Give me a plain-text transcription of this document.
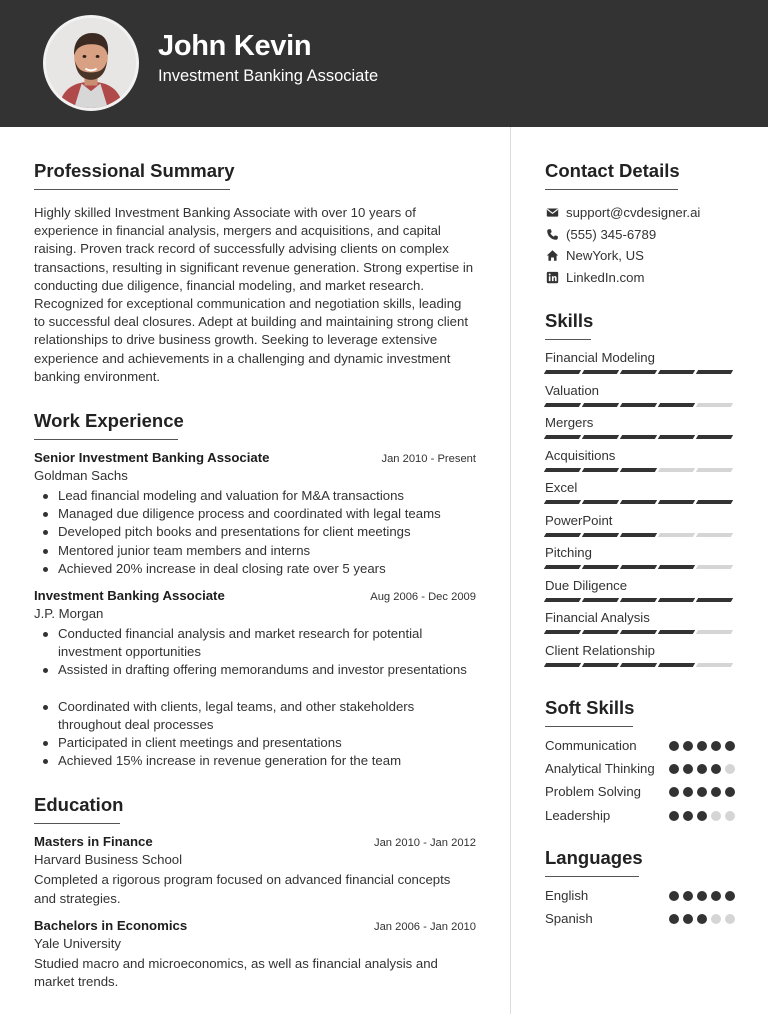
John Kevin
Investment Banking Associate
Professional Summary

Highly skilled Investment Banking Associate with over 10 years of experience in financial analysis, mergers and acquisitions, and capital raising. Proven track record of successfully advising clients on complex transactions, resulting in significant revenue generation. Strong expertise in conducting due diligence, financial modeling, and market research. Recognized for exceptional communication and negotiation skills, leading to successful deal closures. Adept at building and maintaining strong client relationships to drive business growth. Seeking to leverage extensive experience and achievements in a challenging and dynamic investment banking environment.

Work Experience
Senior Investment Banking Associate	Jan 2010 - Present
Goldman Sachs
Lead financial modeling and valuation for M&A transactions
Managed due diligence process and coordinated with legal teams
Developed pitch books and presentations for client meetings
Mentored junior team members and interns
Achieved 20% increase in deal closing rate over 5 years
Investment Banking Associate	Aug 2006 - Dec 2009
J.P. Morgan
Conducted financial analysis and market research for potential investment opportunities
Assisted in drafting offering memorandums and investor presentations
Coordinated with clients, legal teams, and other stakeholders throughout deal processes
Participated in client meetings and presentations
Achieved 15% increase in revenue generation for the team
Education
Masters in Finance	Jan 2010 - Jan 2012
Harvard Business School

Completed a rigorous program focused on advanced financial concepts and strategies.

Bachelors in Economics	Jan 2006 - Jan 2010
Yale University

Studied macro and microeconomics, as well as financial analysis and market trends.

Contact Details
support@cvdesigner.ai
(555) 345-6789
NewYork, US
LinkedIn.com
Skills
Financial Modeling
Valuation
Mergers
Acquisitions
Excel
PowerPoint
Pitching
Due Diligence
Financial Analysis
Client Relationship
Soft Skills
Communication
Analytical Thinking
Problem Solving
Leadership
Languages
English
Spanish
